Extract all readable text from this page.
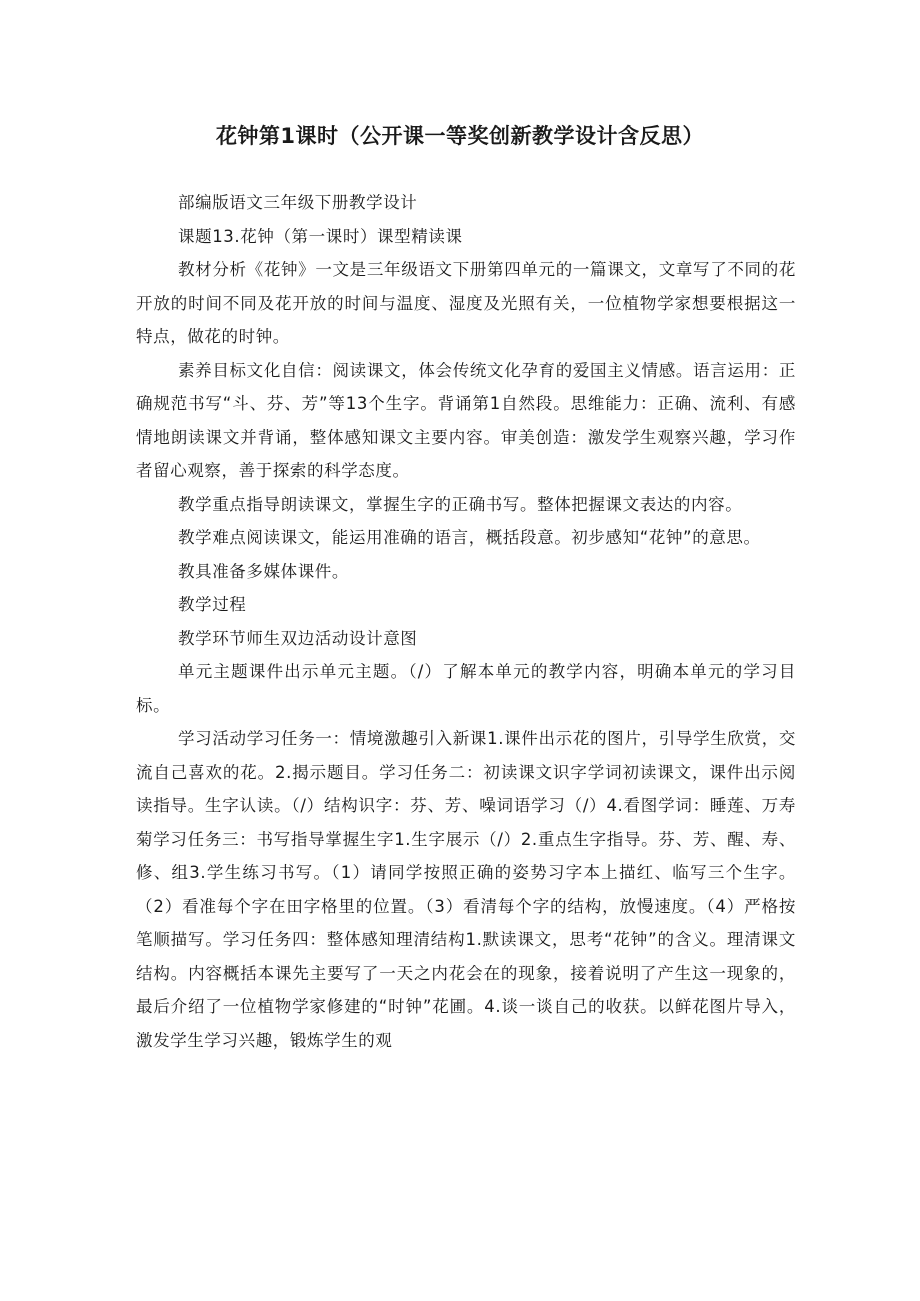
花钟第1课时（公开课一等奖创新教学设计含反思）

部编版语文三年级下册教学设计

课题13.花钟（第一课时）课型精读课

教材分析《花钟》一文是三年级语文下册第四单元的一篇课文，文章写了不同的花开放的时间不同及花开放的时间与温度、湿度及光照有关，一位植物学家想要根据这一特点，做花的时钟。

素养目标文化自信：阅读课文，体会传统文化孕育的爱国主义情感。语言运用：正确规范书写“斗、芬、芳”等13个生字。背诵第1自然段。思维能力：正确、流利、有感情地朗读课文并背诵，整体感知课文主要内容。审美创造：激发学生观察兴趣，学习作者留心观察，善于探索的科学态度。

教学重点指导朗读课文，掌握生字的正确书写。整体把握课文表达的内容。

教学难点阅读课文，能运用准确的语言，概括段意。初步感知“花钟”的意思。

教具准备多媒体课件。

教学过程

教学环节师生双边活动设计意图

单元主题课件出示单元主题。（/）了解本单元的教学内容，明确本单元的学习目标。

学习活动学习任务一：情境激趣引入新课1.课件出示花的图片，引导学生欣赏，交流自己喜欢的花。2.揭示题目。学习任务二：初读课文识字学词初读课文，课件出示阅读指导。生字认读。（/）结构识字：芬、芳、噪词语学习（/）4.看图学词：睡莲、万寿菊学习任务三：书写指导掌握生字1.生字展示（/）2.重点生字指导。芬、芳、醒、寿、修、组3.学生练习书写。（1）请同学按照正确的姿势习字本上描红、临写三个生字。（2）看准每个字在田字格里的位置。（3）看清每个字的结构，放慢速度。（4）严格按笔顺描写。学习任务四：整体感知理清结构1.默读课文，思考“花钟”的含义。理清课文结构。内容概括本课先主要写了一天之内花会在的现象，接着说明了产生这一现象的，最后介绍了一位植物学家修建的“时钟”花圃。4.谈一谈自己的收获。以鲜花图片导入，激发学生学习兴趣，锻炼学生的观
